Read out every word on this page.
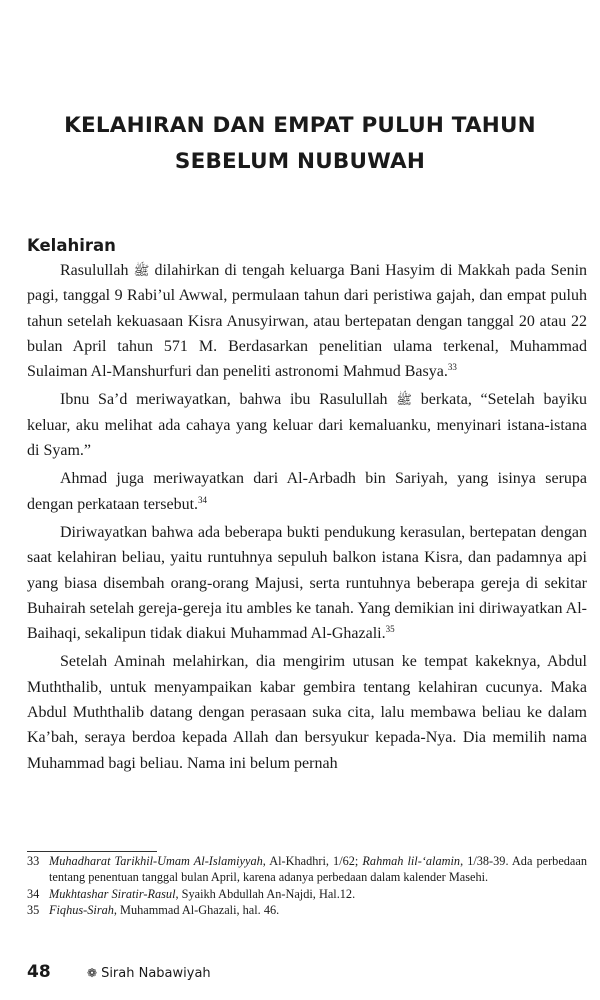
KELAHIRAN DAN EMPAT PULUH TAHUN
SEBELUM NUBUWAH
Kelahiran

Rasulullah ﷺ dilahirkan di tengah keluarga Bani Hasyim di Makkah pada Senin pagi, tanggal 9 Rabi’ul Awwal, permulaan tahun dari peristiwa gajah, dan empat puluh tahun setelah kekuasaan Kisra Anusyirwan, atau bertepatan dengan tanggal 20 atau 22 bulan April tahun 571 M. Berdasarkan penelitian ulama terkenal, Muhammad Sulaiman Al-Manshurfuri dan peneliti astronomi Mahmud Basya.$^{33}$

Ibnu Sa’d meriwayatkan, bahwa ibu Rasulullah ﷺ berkata, “Setelah bayiku keluar, aku melihat ada cahaya yang keluar dari kemaluanku, menyinari istana-istana di Syam.”

Ahmad juga meriwayatkan dari Al-Arbadh bin Sariyah, yang isinya serupa dengan perkataan tersebut.$^{34}$

Diriwayatkan bahwa ada beberapa bukti pendukung kerasulan, bertepatan dengan saat kelahiran beliau, yaitu runtuhnya sepuluh balkon istana Kisra, dan padamnya api yang biasa disembah orang-orang Majusi, serta runtuhnya beberapa gereja di sekitar Buhairah setelah gereja-gereja itu ambles ke tanah. Yang demikian ini diriwayatkan Al-Baihaqi, sekalipun tidak diakui Muhammad Al-Ghazali.$^{35}$

Setelah Aminah melahirkan, dia mengirim utusan ke tempat kakeknya, Abdul Muththalib, untuk menyampaikan kabar gembira tentang kelahiran cucunya. Maka Abdul Muththalib datang dengan perasaan suka cita, lalu membawa beliau ke dalam Ka’bah, seraya berdoa kepada Allah dan bersyukur kepada-Nya. Dia memilih nama Muhammad bagi beliau. Nama ini belum pernah

33 Muhadharat Tarikhil-Umam Al-Islamiyyah, Al-Khadhri, 1/62; Rahmah lil-‘alamin, 1/38-39. Ada perbedaan tentang penentuan tanggal bulan April, karena adanya perbedaan dalam kalender Masehi.
34 Mukhtashar Siratir-Rasul, Syaikh Abdullah An-Najdi, Hal.12.
35 Fiqhus-Sirah, Muhammad Al-Ghazali, hal. 46.
48	❁ Sirah Nabawiyah
